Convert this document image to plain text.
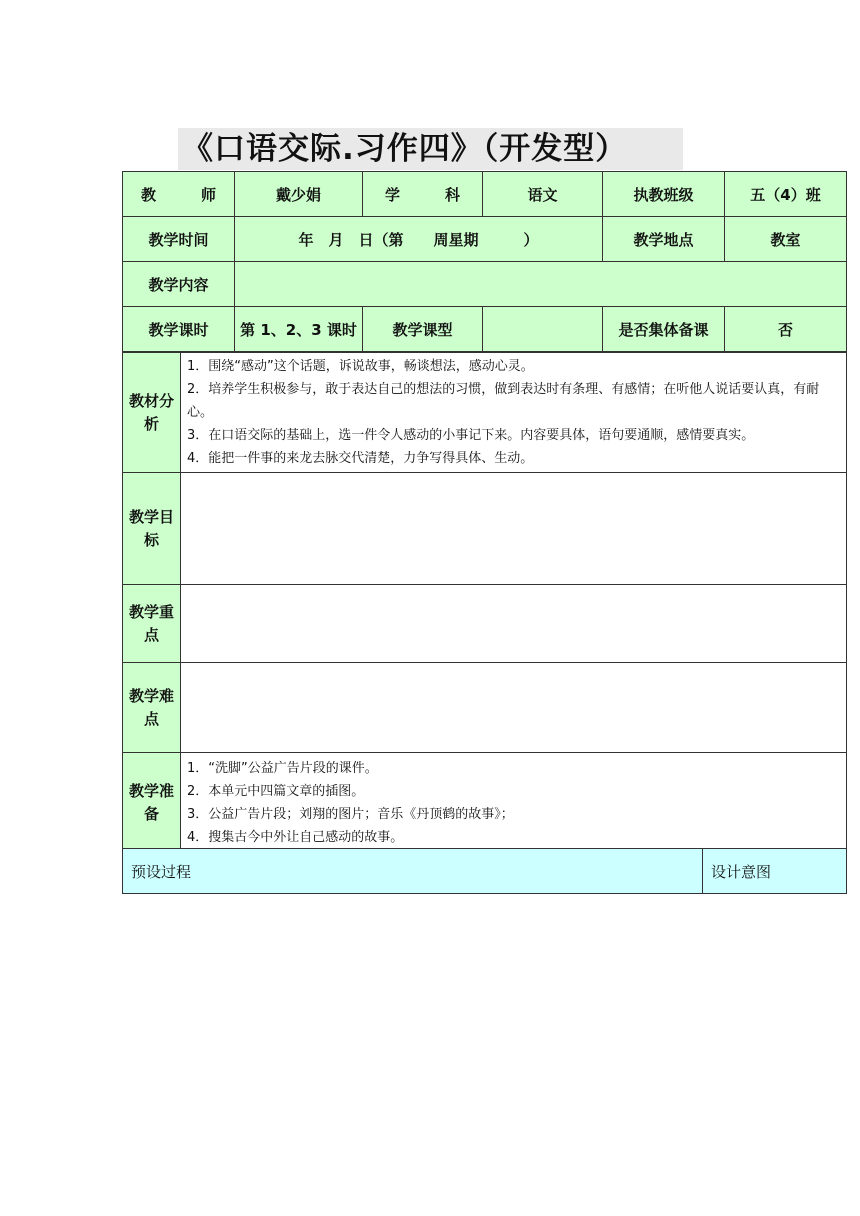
《口语交际.习作四》（开发型）
教　　　师	戴少娟	学　　　科	语文	执教班级	五（4）班
教学时间	年　月　日（第　　周星期　　　）			教学地点	教室
教学内容					
教学课时	第 1、2、3 课时	教学课型		是否集体备课	否
教材分析	1．围绕“感动”这个话题，诉说故事，畅谈想法，感动心灵。
2．培养学生积极参与，敢于表达自己的想法的习惯，做到表达时有条理、有感情；在听他人说话要认真，有耐心。
3．在口语交际的基础上，选一件令人感动的小事记下来。内容要具体，语句要通顺，感情要真实。
4．能把一件事的来龙去脉交代清楚，力争写得具体、生动。

教学目标	
教学重点	
教学难点	
教学准备	1．“洗脚”公益广告片段的课件。
2．本单元中四篇文章的插图。
3．公益广告片段；刘翔的图片；音乐《丹顶鹤的故事》；
4．搜集古今中外让自己感动的故事。
预设过程	设计意图
